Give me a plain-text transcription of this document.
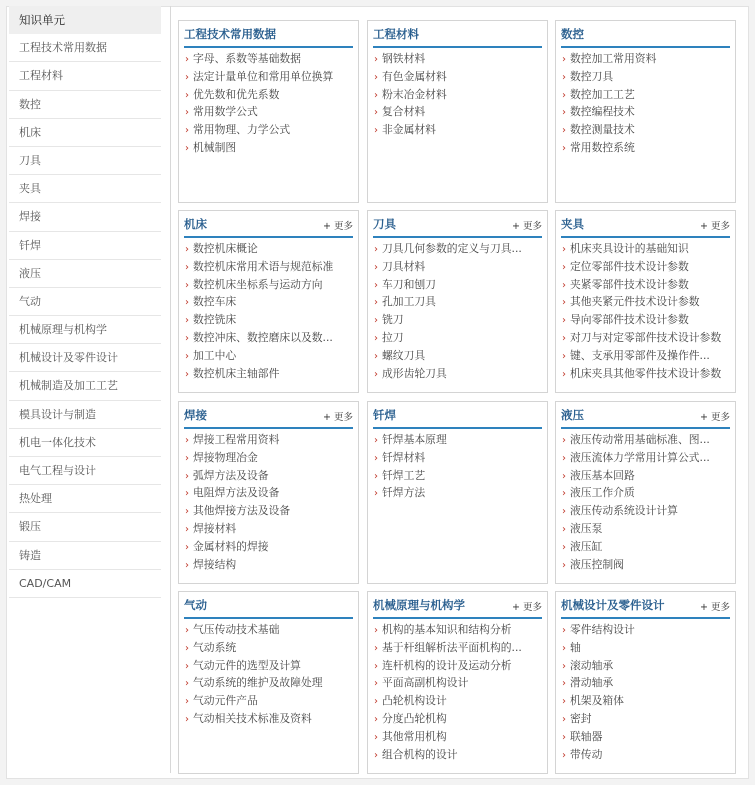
知识单元
工程技术常用数据
工程材料
数控
机床
刀具
夹具
焊接
钎焊
液压
气动
机械原理与机构学
机械设计及零件设计
机械制造及加工工艺
模具设计与制造
机电一体化技术
电气工程与设计
热处理
锻压
铸造
CAD/CAM
工程技术常用数据
› 字母、系数等基础数据
› 法定计量单位和常用单位换算
› 优先数和优先系数
› 常用数学公式
› 常用物理、力学公式
› 机械制图
工程材料
› 钢铁材料
› 有色金属材料
› 粉末冶金材料
› 复合材料
› 非金属材料
数控
› 数控加工常用资料
› 数控刀具
› 数控加工工艺
› 数控编程技术
› 数控测量技术
› 常用数控系统
机床	+ 更多
› 数控机床概论
› 数控机床常用术语与规范标准
› 数控机床坐标系与运动方向
› 数控车床
› 数控铣床
› 数控冲床、数控磨床以及数...
› 加工中心
› 数控机床主轴部件
刀具	+ 更多
› 刀具几何参数的定义与刀具...
› 刀具材料
› 车刀和刨刀
› 孔加工刀具
› 铣刀
› 拉刀
› 螺纹刀具
› 成形齿轮刀具
夹具	+ 更多
› 机床夹具设计的基础知识
› 定位零部件技术设计参数
› 夹紧零部件技术设计参数
› 其他夹紧元件技术设计参数
› 导向零部件技术设计参数
› 对刀与对定零部件技术设计参数
› 键、支承用零部件及操作件...
› 机床夹具其他零件技术设计参数
焊接	+ 更多
› 焊接工程常用资料
› 焊接物理冶金
› 弧焊方法及设备
› 电阻焊方法及设备
› 其他焊接方法及设备
› 焊接材料
› 金属材料的焊接
› 焊接结构
钎焊
› 钎焊基本原理
› 钎焊材料
› 钎焊工艺
› 钎焊方法
液压	+ 更多
› 液压传动常用基础标准、图...
› 液压流体力学常用计算公式...
› 液压基本回路
› 液压工作介质
› 液压传动系统设计计算
› 液压泵
› 液压缸
› 液压控制阀
气动
› 气压传动技术基础
› 气动系统
› 气动元件的选型及计算
› 气动系统的维护及故障处理
› 气动元件产品
› 气动相关技术标准及资料
机械原理与机构学	+ 更多
› 机构的基本知识和结构分析
› 基于杆组解析法平面机构的...
› 连杆机构的设计及运动分析
› 平面高副机构设计
› 凸轮机构设计
› 分度凸轮机构
› 其他常用机构
› 组合机构的设计
机械设计及零件设计	+ 更多
› 零件结构设计
› 轴
› 滚动轴承
› 滑动轴承
› 机架及箱体
› 密封
› 联轴器
› 带传动
